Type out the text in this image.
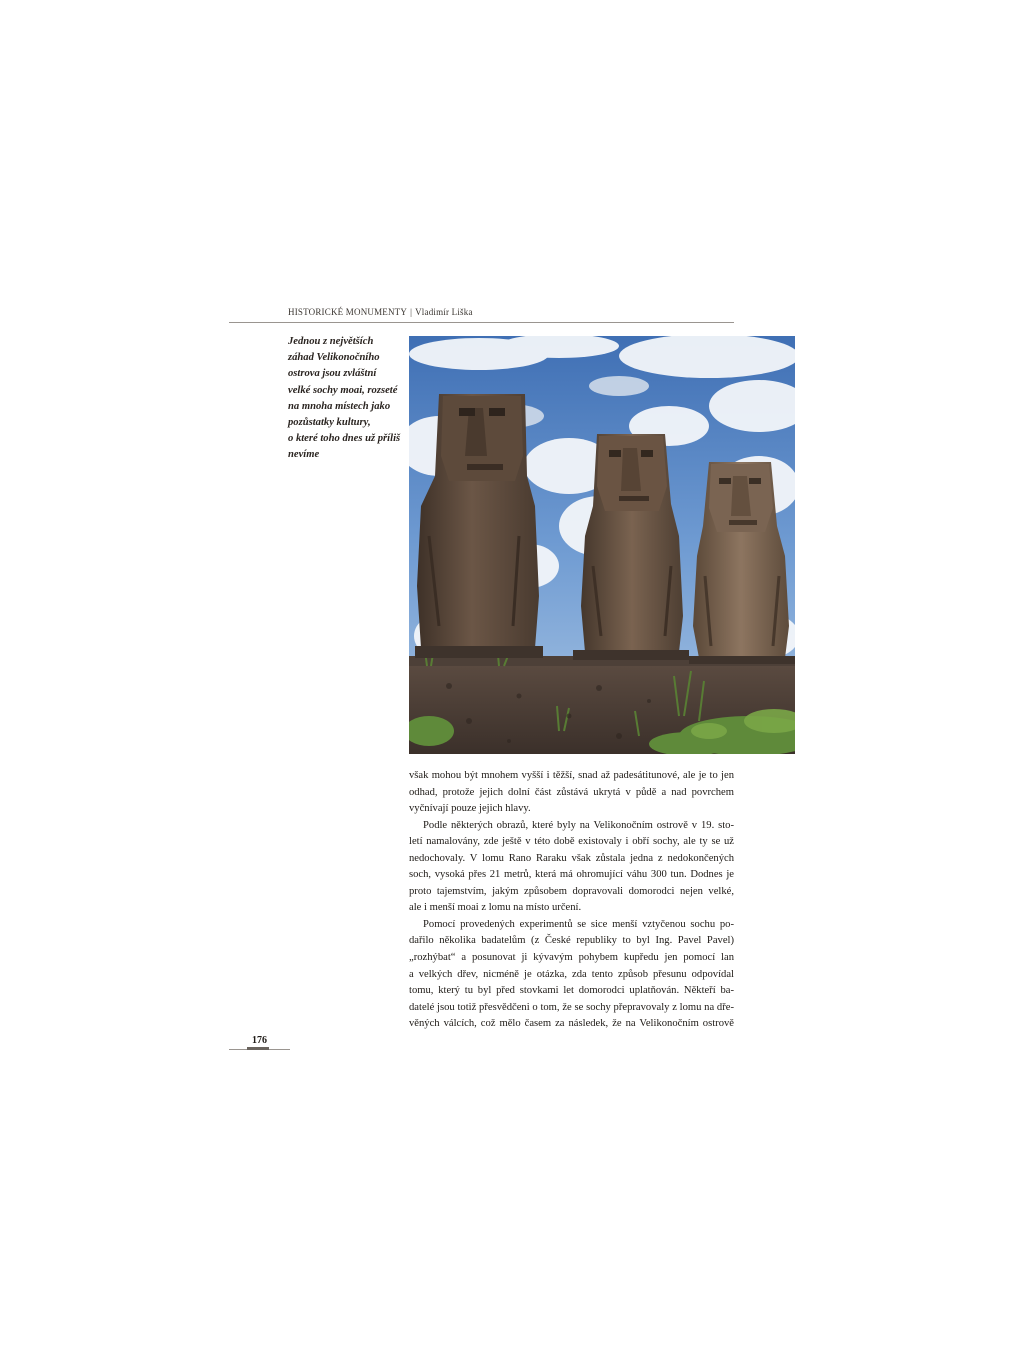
HISTORICKÉ MONUMENTY | Vladimír Liška
Jednou z největších
záhad Velikonočního
ostrova jsou zvláštní
velké sochy moai, rozseté
na mnoha místech jako
pozůstatky kultury,
o které toho dnes už příliš
nevíme
však mohou být mnohem vyšší i těžší, snad až padesátitunové, ale je to jen
odhad, protože jejich dolní část zůstává ukrytá v půdě a nad povrchem
vyčnívají pouze jejich hlavy.
Podle některých obrazů, které byly na Velikonočním ostrově v 19. sto-
letí namalovány, zde ještě v této době existovaly i obří sochy, ale ty se už
nedochovaly. V lomu Rano Raraku však zůstala jedna z nedokončených
soch, vysoká přes 21 metrů, která má ohromující váhu 300 tun. Dodnes je
proto tajemstvím, jakým způsobem dopravovali domorodci nejen velké,
ale i menší moai z lomu na místo určení.
Pomocí provedených experimentů se sice menší vztyčenou sochu po-
dařilo několika badatelům (z České republiky to byl Ing. Pavel Pavel)
„rozhýbat“ a posunovat ji kývavým pohybem kupředu jen pomocí lan
a velkých dřev, nicméně je otázka, zda tento způsob přesunu odpovídal
tomu, který tu byl před stovkami let domorodci uplatňován. Někteří ba-
datelé jsou totiž přesvědčeni o tom, že se sochy přepravovaly z lomu na dře-
věných válcích, což mělo časem za následek, že na Velikonočním ostrově
176
